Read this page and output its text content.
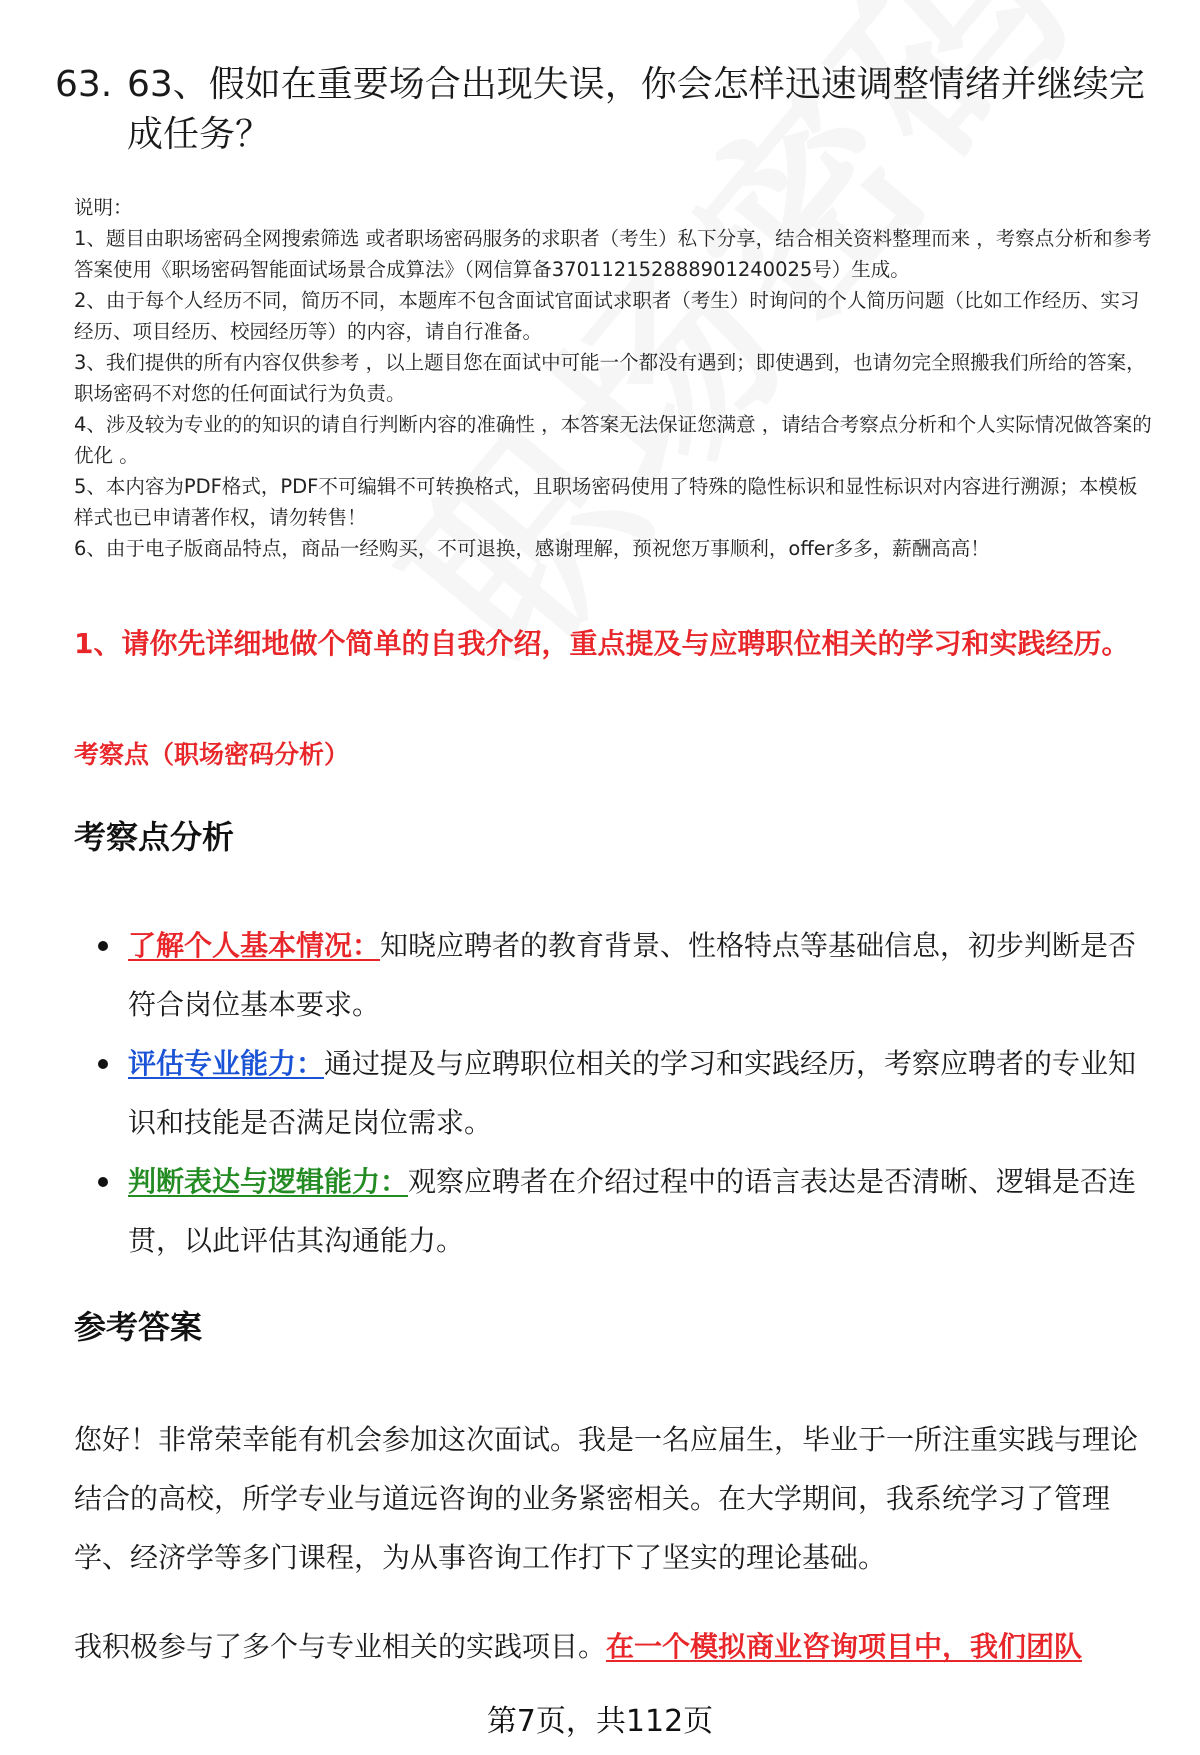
63. 63、假如在重要场合出现失误，你会怎样迅速调整情绪并继续完成任务？

说明：

1、题目由职场密码全网搜索筛选 或者职场密码服务的求职者（考生）私下分享，结合相关资料整理而来 ，考察点分析和参考答案使用《职场密码智能面试场景合成算法》（网信算备37011215288890124​0025号）生成。

2、由于每个人经历不同，简历不同，本题库不包含面试官面试求职者（考生）时询问的个人简历问题（比如工作经历、实习经历、项目经历、校园经历等）的内容，请自行准备。

3、我们提供的所有内容仅供参考 ，以上题目您在面试中可能一个都没有遇到；即使遇到，也请勿完全照搬我们所给的答案，职场密码不对您的任何面试行为负责。

4、涉及较为专业的的知识的请自行判断内容的准确性 ，本答案无法保证您满意 ，请结合考察点分析和个人实际情况做答案的优化 。

5、本内容为PDF格式，PDF不可编辑不可转换格式，且职场密码使用了特殊的隐性标识和显性标识对内容进行溯源；本模板样式也已申请著作权，请勿转售！

6、由于电子版商品特点，商品一经购买，不可退换，感谢理解，预祝您万事顺利，offer多多，薪酬高高！

1、请你先详细地做个简单的自我介绍，重点提及与应聘职位相关的学习和实践经历。
考察点（职场密码分析）
考察点分析
了解个人基本情况：知晓应聘者的教育背景、性格特点等基础信息，初步判断是否符合岗位基本要求。
评估专业能力：通过提及与应聘职位相关的学习和实践经历，考察应聘者的专业知识和技能是否满足岗位需求。
判断表达与逻辑能力：观察应聘者在介绍过程中的语言表达是否清晰、逻辑是否连贯，以此评估其沟通能力。
参考答案

您好！非常荣幸能有机会参加这次面试。我是一名应届生，毕业于一所注重实践与理论结合的高校，所学专业与道远咨询的业务紧密相关。在大学期间，我系统学习了管理学、经济学等多门课程，为从事咨询工作打下了坚实的理论基础。

我积极参与了多个与专业相关的实践项目。在一个模拟商业咨询项目中，我们团队

第7页，共112页
